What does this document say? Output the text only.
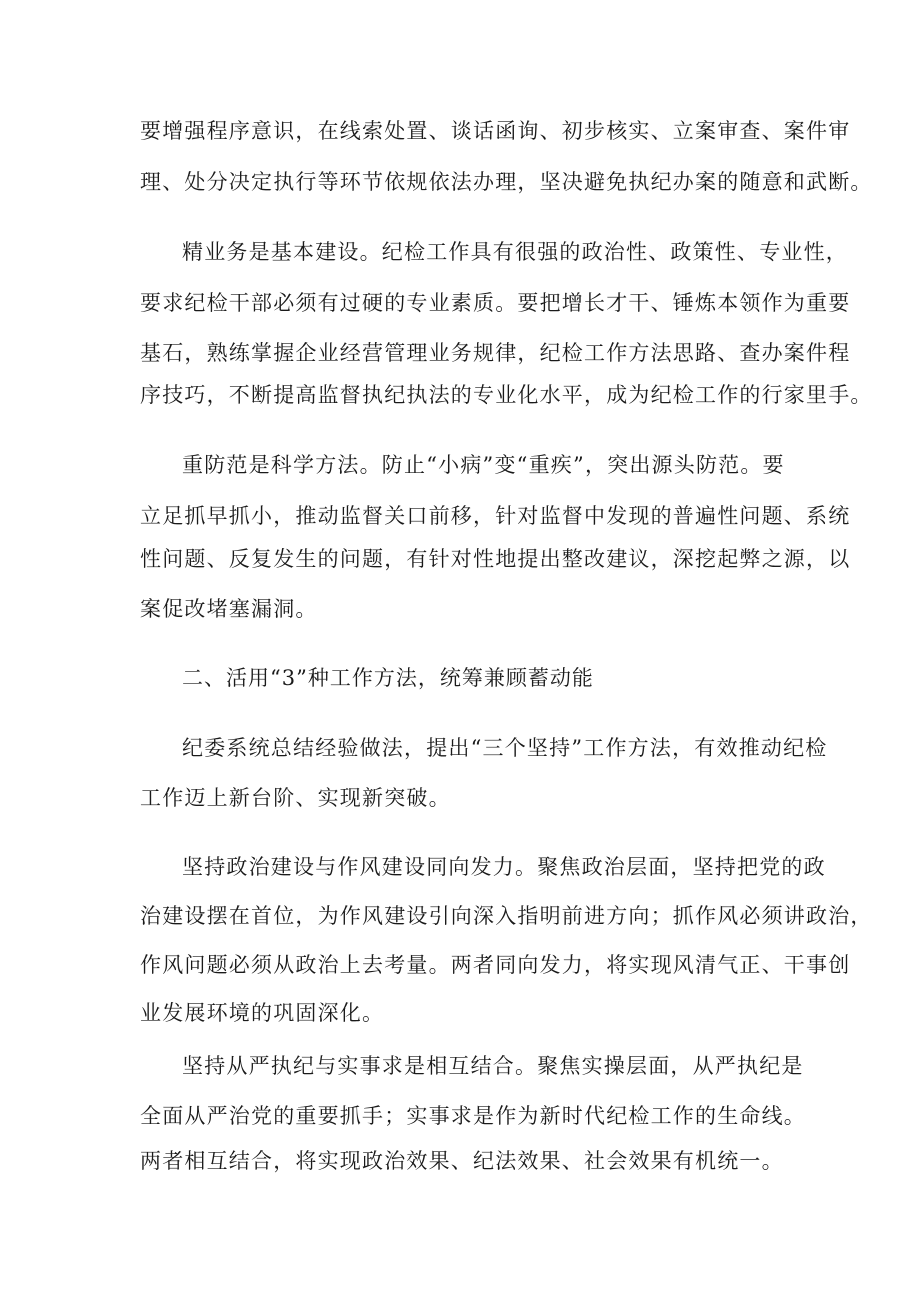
要增强程序意识，在线索处置、谈话函询、初步核实、立案审查、案件审
理、处分决定执行等环节依规依法办理，坚决避免执纪办案的随意和武断。
精业务是基本建设。纪检工作具有很强的政治性、政策性、专业性，
要求纪检干部必须有过硬的专业素质。要把增长才干、锤炼本领作为重要
基石，熟练掌握企业经营管理业务规律，纪检工作方法思路、查办案件程
序技巧，不断提高监督执纪执法的专业化水平，成为纪检工作的行家里手。
重防范是科学方法。防止“小病”变“重疾”，突出源头防范。要
立足抓早抓小，推动监督关口前移，针对监督中发现的普遍性问题、系统
性问题、反复发生的问题，有针对性地提出整改建议，深挖起弊之源，以
案促改堵塞漏洞。
二、活用“3”种工作方法，统筹兼顾蓄动能
纪委系统总结经验做法，提出“三个坚持”工作方法，有效推动纪检
工作迈上新台阶、实现新突破。
坚持政治建设与作风建设同向发力。聚焦政治层面，坚持把党的政
治建设摆在首位，为作风建设引向深入指明前进方向；抓作风必须讲政治，
作风问题必须从政治上去考量。两者同向发力，将实现风清气正、干事创
业发展环境的巩固深化。
坚持从严执纪与实事求是相互结合。聚焦实操层面，从严执纪是
全面从严治党的重要抓手；实事求是作为新时代纪检工作的生命线。
两者相互结合，将实现政治效果、纪法效果、社会效果有机统一。
